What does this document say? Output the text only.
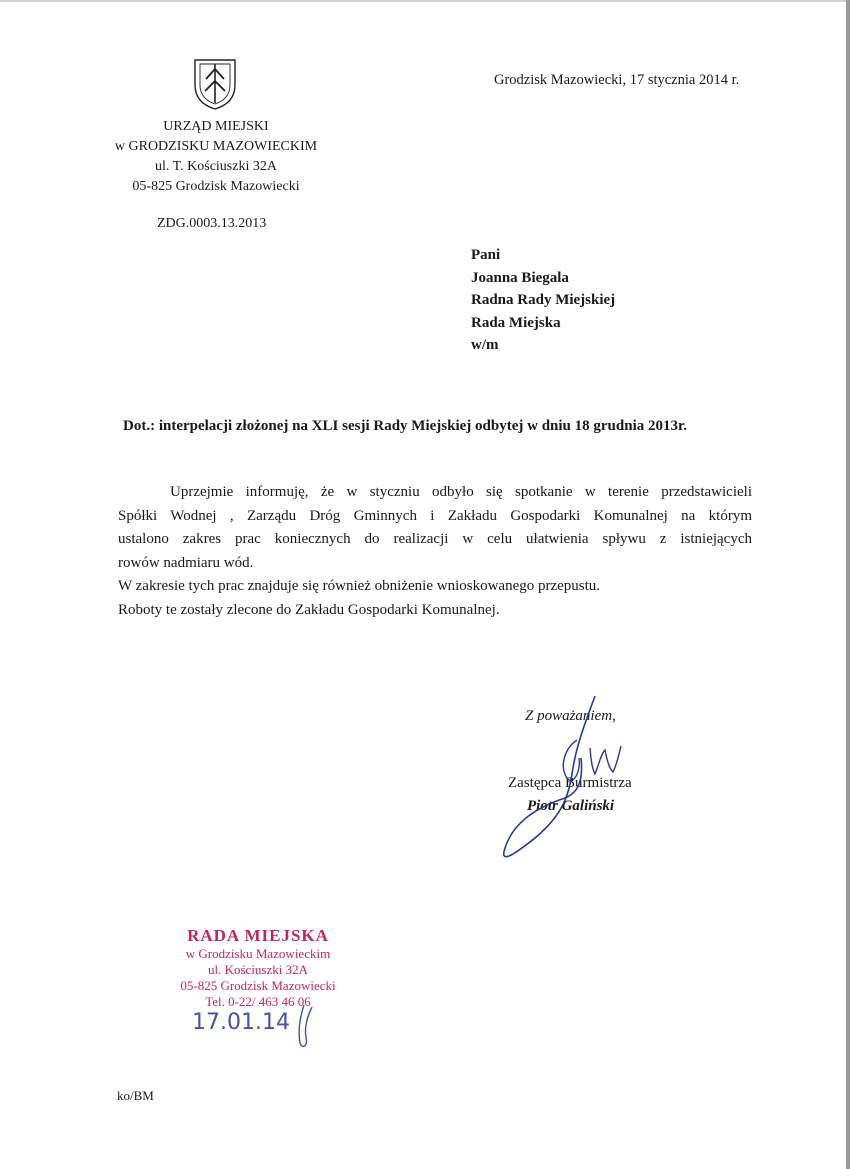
Grodzisk Mazowiecki, 17 stycznia 2014 r.
URZĄD MIEJSKI
w GRODZISKU MAZOWIECKIM
ul. T. Kościuszki 32A
05-825 Grodzisk Mazowiecki
ZDG.0003.13.2013
Pani
Joanna Biegala
Radna Rady Miejskiej
Rada Miejska
w/m
Dot.: interpelacji złożonej na XLI sesji Rady Miejskiej odbytej w dniu 18 grudnia 2013r.

Uprzejmie informuję, że w styczniu odbyło się spotkanie w terenie przedstawicieli

Spółki Wodnej , Zarządu Dróg Gminnych i Zakładu Gospodarki Komunalnej na którym

ustalono zakres prac koniecznych do realizacji w celu ułatwienia spływu z istniejących

rowów nadmiaru wód.

W zakresie tych prac znajduje się również obniżenie wnioskowanego przepustu.

Roboty te zostały zlecone do Zakładu Gospodarki Komunalnej.

Z poważaniem,
Zastępca Burmistrza
Piotr Galiński
RADA MIEJSKA
w Grodzisku Mazowieckim
ul. Kościuszki 32A
05-825 Grodzisk Mazowiecki
Tel. 0-22/ 463 46 06
17.01.14
ko/BM
